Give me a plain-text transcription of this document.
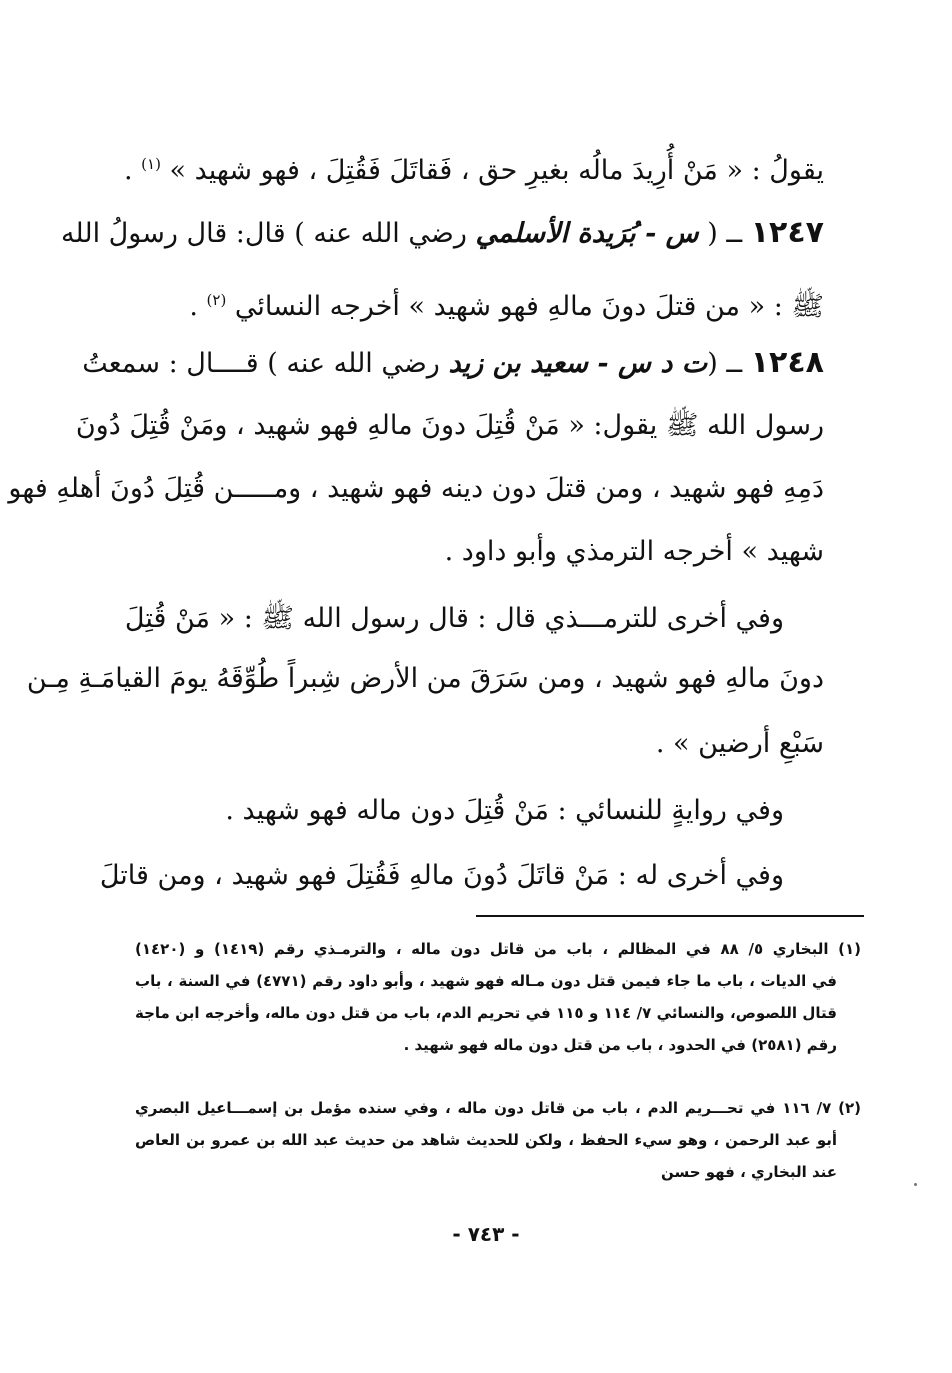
يقولُ : « مَنْ أُرِيدَ مالُه بغيرِ حق ، فَقاتَلَ فَقُتِلَ ، فهو شهيد » $^{(١)}$ .
١٢٤٧ ــ ( س - بُرَيدة الأسلمي رضي الله عنه ) قال: قال رسولُ الله
ﷺ : « من قتلَ دونَ مالهِ فهو شهيد » أخرجه النسائي $^{(٢)}$ .
١٢٤٨ ــ (ت د س - سعيد بن زيد رضي الله عنه ) قــــال : سمعتُ
رسول الله ﷺ يقول: « مَنْ قُتِلَ دونَ مالهِ فهو شهيد ، ومَنْ قُتِلَ دُونَ
دَمِهِ فهو شهيد ، ومن قتلَ دون دينه فهو شهيد ، ومـــــن قُتِلَ دُونَ أهلهِ فهو
شهيد » أخرجه الترمذي وأبو داود .
وفي أخرى للترمـــذي قال : قال رسول الله ﷺ : « مَنْ قُتِلَ
دونَ مالهِ فهو شهيد ، ومن سَرَقَ من الأرض شِبراً طُوِّقَهُ يومَ القيامَـةِ مِـن
سَبْعِ أرضين » .
وفي روايةٍ للنسائي : مَنْ قُتِلَ دون ماله فهو شهيد .
وفي أخرى له : مَنْ قاتَلَ دُونَ مالهِ فَقُتِلَ فهو شهيد ، ومن قاتلَ
(١) البخاري ٥/ ٨٨ في المظالم ، باب من قاتل دون ماله ، والترمـذي رقم (١٤١٩) و (١٤٢٠)
في الديات ، باب ما جاء فيمن قتل دون مـاله فهو شهيد ، وأبو داود رقم (٤٧٧١) في السنة ، باب
قتال اللصوص، والنسائي ٧/ ١١٤ و ١١٥ في تحريم الدم، باب من قتل دون ماله، وأخرجه ابن ماجة
رقم (٢٥٨١) في الحدود ، باب من قتل دون ماله فهو شهيد .
(٢) ٧/ ١١٦ في تحـــريم الدم ، باب من قاتل دون ماله ، وفي سنده مؤمل بن إسمـــاعيل البصري
أبو عبد الرحمن ، وهو سيء الحفظ ، ولكن للحديث شاهد من حديث عبد الله بن عمرو بن العاص
عند البخاري ، فهو حسن
- ٧٤٣ -
